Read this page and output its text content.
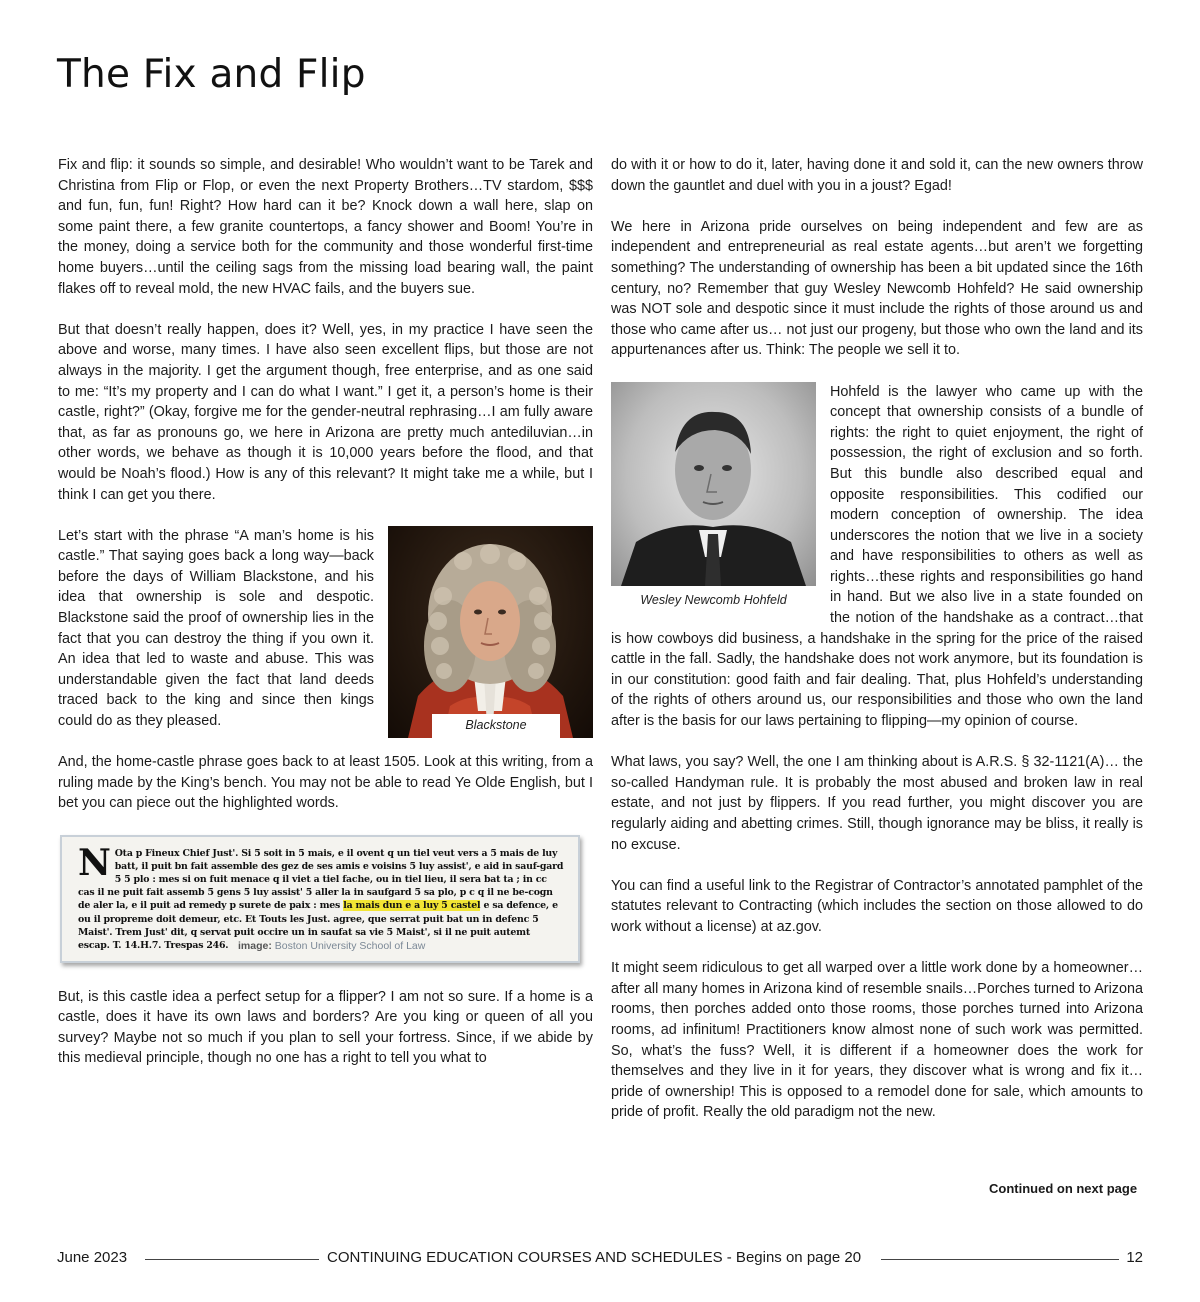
The Fix and Flip

Fix and flip: it sounds so simple, and desirable! Who wouldn’t want to be Tarek and Christina from Flip or Flop, or even the next Property Brothers…TV stardom, $$$ and fun, fun, fun! Right? How hard can it be? Knock down a wall here, slap on some paint there, a few granite countertops, a fancy shower and Boom! You’re in the money, doing a service both for the community and those wonderful first-time home buyers…until the ceiling sags from the missing load bearing wall, the paint flakes off to reveal mold, the new HVAC fails, and the buyers sue.

But that doesn’t really happen, does it? Well, yes, in my practice I have seen the above and worse, many times. I have also seen excellent flips, but those are not always in the majority. I get the argument though, free enterprise, and as one said to me: “It’s my property and I can do what I want.” I get it, a person’s home is their castle, right?” (Okay, forgive me for the gender-neutral rephrasing…I am fully aware that, as far as pronouns go, we here in Arizona are pretty much antediluvian…in other words, we behave as though it is 10,000 years before the flood, and that would be Noah’s flood.) How is any of this relevant? It might take me a while, but I think I can get you there.

Blackstone

Let’s start with the phrase “A man’s home is his castle.” That saying goes back a long way—back before the days of William Blackstone, and his idea that ownership is sole and despotic. Blackstone said the proof of ownership lies in the fact that you can destroy the thing if you own it. An idea that led to waste and abuse. This was understandable given the fact that land deeds traced back to the king and since then kings could do as they pleased.

And, the home-castle phrase goes back to at least 1505. Look at this writing, from a ruling made by the King’s bench. You may not be able to read Ye Olde English, but I bet you can piece out the highlighted words.

N Ota p Fineux Chief Just'. Si 5 soit in 5 mais, e il ovent q un tiel veut vers a 5 mais de luy batt, il puit bn fait assemble des gez de ses amis e voisins 5 luy assist', e aid in sauf-gard 5 5 plo : mes si on fuit menace q il viet a tiel fache, ou in tiel lieu, il sera bat ta ; in cc cas il ne puit fait assemb 5 gens 5 luy assist' 5 aller la in saufgard 5 sa plo, p c q il ne be-cogn de aler la, e il puit ad remedy p surete de paix : mes la mais dun e a luy 5 castel e sa defence, e ou il propreme doit demeur, etc. Et Touts les Just. agree, que serrat puit bat un in defenc 5 Maist'. Trem Just' dit, q servat puit occire un in saufat sa vie 5 Maist', si il ne puit autemt escap. T. 14.H.7. Trespas 246. image: Boston University School of Law

But, is this castle idea a perfect setup for a flipper? I am not so sure. If a home is a castle, does it have its own laws and borders? Are you king or queen of all you survey? Maybe not so much if you plan to sell your fortress. Since, if we abide by this medieval principle, though no one has a right to tell you what to

do with it or how to do it, later, having done it and sold it, can the new owners throw down the gauntlet and duel with you in a joust? Egad!

We here in Arizona pride ourselves on being independent and few are as independent and entrepreneurial as real estate agents…but aren’t we forgetting something? The understanding of ownership has been a bit updated since the 16th century, no? Remember that guy Wesley Newcomb Hohfeld? He said ownership was NOT sole and despotic since it must include the rights of those around us and those who came after us… not just our progeny, but those who own the land and its appurtenances after us. Think: The people we sell it to.

Wesley Newcomb Hohfeld

Hohfeld is the lawyer who came up with the concept that ownership consists of a bundle of rights: the right to quiet enjoyment, the right of possession, the right of exclusion and so forth. But this bundle also described equal and opposite responsibilities. This codified our modern conception of ownership. The idea underscores the notion that we live in a society and have responsibilities to others as well as rights…these rights and responsibilities go hand in hand. But we also live in a state founded on the notion of the handshake as a contract…that is how cowboys did business, a handshake in the spring for the price of the raised cattle in the fall. Sadly, the handshake does not work anymore, but its foundation is in our constitution: good faith and fair dealing. That, plus Hohfeld’s understanding of the rights of others around us, our responsibilities and those who own the land after is the basis for our laws pertaining to flipping—my opinion of course.

What laws, you say? Well, the one I am thinking about is A.R.S. § 32-1121(A)… the so-called Handyman rule. It is probably the most abused and broken law in real estate, and not just by flippers. If you read further, you might discover you are regularly aiding and abetting crimes. Still, though ignorance may be bliss, it really is no excuse.

You can find a useful link to the Registrar of Contractor’s annotated pamphlet of the statutes relevant to Contracting (which includes the section on those allowed to do work without a license) at az.gov.

It might seem ridiculous to get all warped over a little work done by a homeowner…after all many homes in Arizona kind of resemble snails…Porches turned to Arizona rooms, then porches added onto those rooms, those porches turned into Arizona rooms, ad infinitum! Practitioners know almost none of such work was permitted. So, what’s the fuss? Well, it is different if a homeowner does the work for themselves and they live in it for years, they discover what is wrong and fix it…pride of ownership! This is opposed to a remodel done for sale, which amounts to pride of profit. Really the old paradigm not the new.

Continued on next page
June 2023	CONTINUING EDUCATION COURSES AND SCHEDULES - Begins on page 20	12
